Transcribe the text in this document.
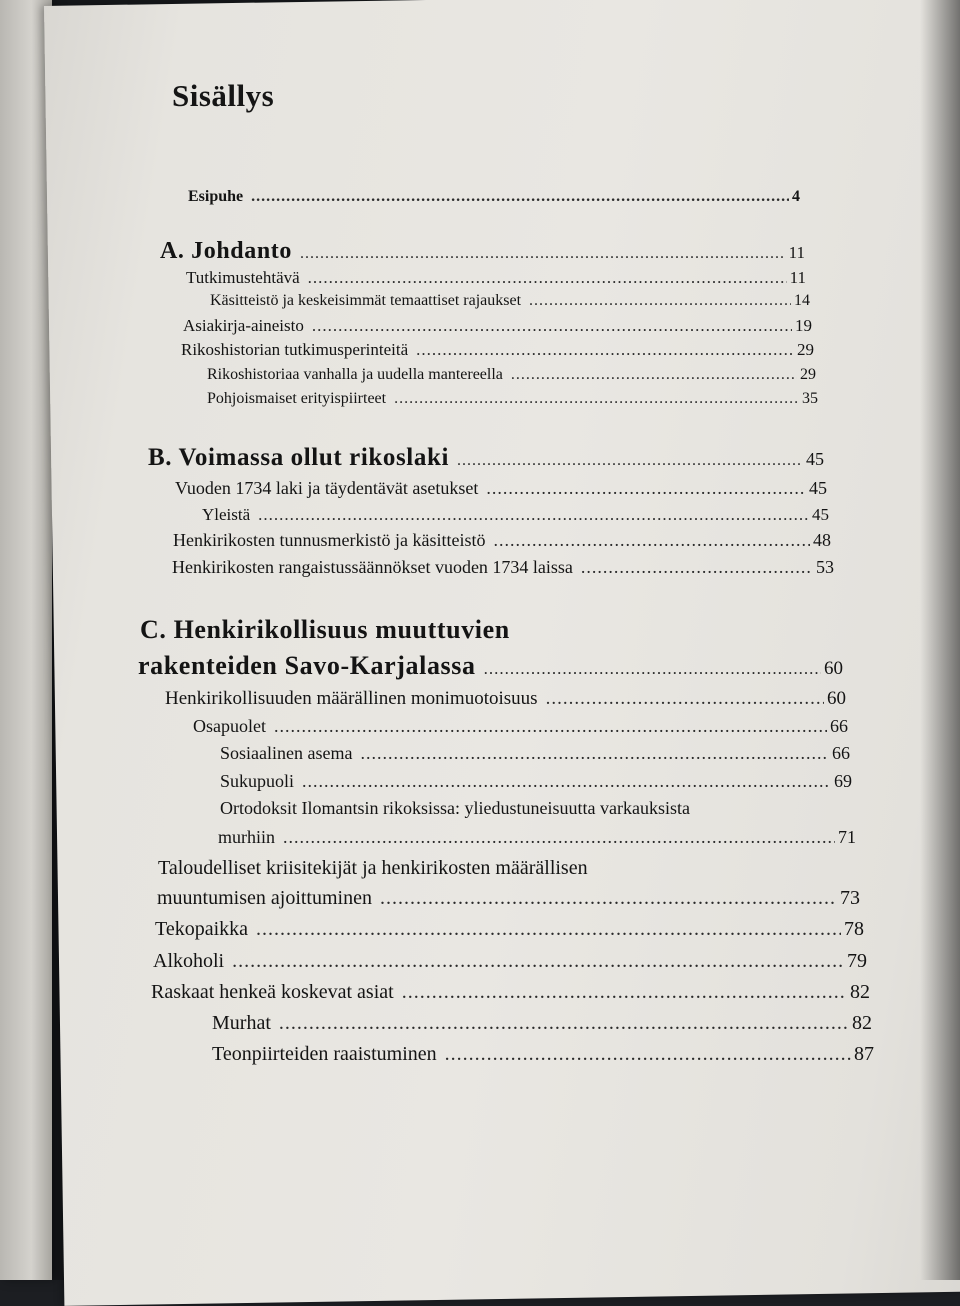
Sisällys
Esipuhe .....	4
A. Johdanto .....	11
Tutkimustehtävä .....	11
Käsitteistö ja keskeisimmät temaattiset rajaukset .....	14
Asiakirja-aineisto .....	19
Rikoshistorian tutkimusperinteitä .....	29
Rikoshistoriaa vanhalla ja uudella mantereella .....	29
Pohjoismaiset erityispiirteet .....	35
B. Voimassa ollut rikoslaki .....	45
Vuoden 1734 laki ja täydentävät asetukset .....	45
Yleistä .....	45
Henkirikosten tunnusmerkistö ja käsitteistö .....	48
Henkirikosten rangaistussäännökset vuoden 1734 laissa .....	53
C. Henkirikollisuus muuttuvien
rakenteiden Savo-Karjalassa .....	60
Henkirikollisuuden määrällinen monimuotoisuus .....	60
Osapuolet .....	66
Sosiaalinen asema .....	66
Sukupuoli .....	69
Ortodoksit Ilomantsin rikoksissa: yliedustuneisuutta varkauksista
murhiin .....	71
Taloudelliset kriisitekijät ja henkirikosten määrällisen
muuntumisen ajoittuminen .....	73
Tekopaikka .....	78
Alkoholi .....	79
Raskaat henkeä koskevat asiat .....	82
Murhat .....	82
Teonpiirteiden raaistuminen .....	87
